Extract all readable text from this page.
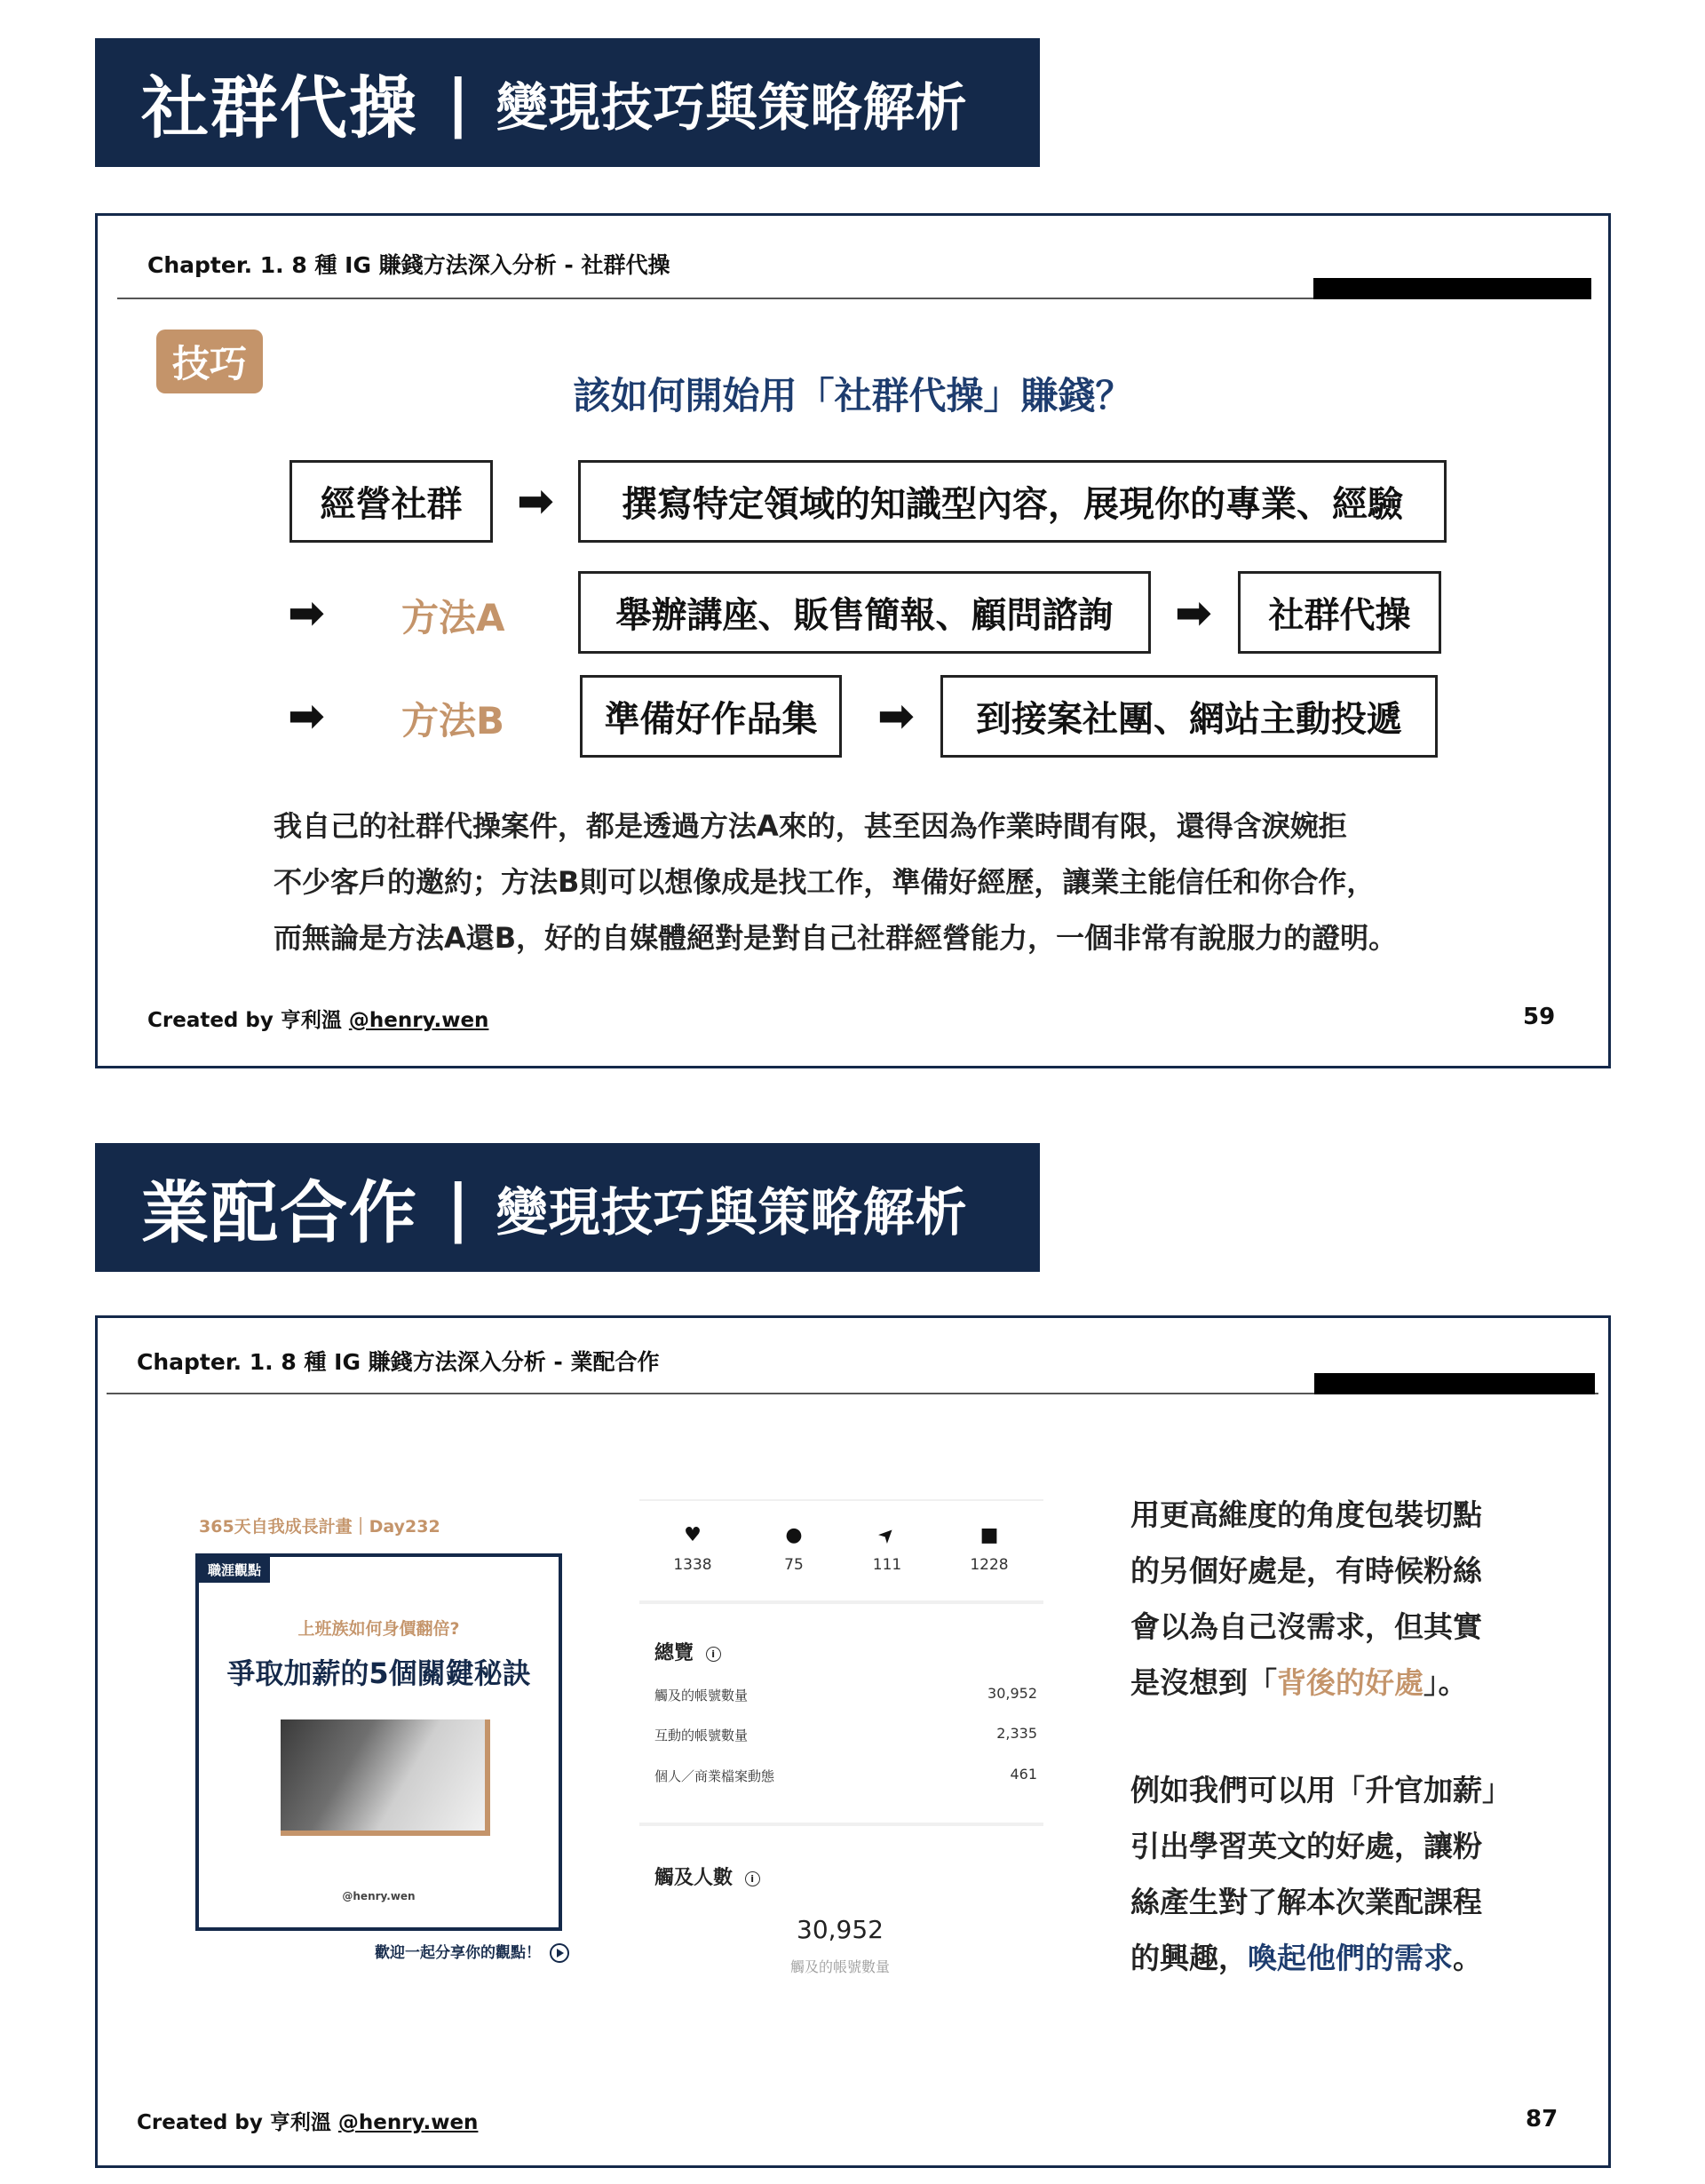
社群代操 | 變現技巧與策略解析
Chapter. 1. 8 種 IG 賺錢方法深入分析 - 社群代操
技巧
該如何開始用「社群代操」賺錢？
經營社群	➡	撰寫特定領域的知識型內容，展現你的專業、經驗
➡ 方法A	舉辦講座、販售簡報、顧問諮詢	➡	社群代操
➡ 方法B	準備好作品集	➡	到接案社團、網站主動投遞
我自己的社群代操案件，都是透過方法A來的，甚至因為作業時間有限，還得含淚婉拒
不少客戶的邀約；方法B則可以想像成是找工作，準備好經歷，讓業主能信任和你合作，
而無論是方法A還B，好的自媒體絕對是對自己社群經營能力，一個非常有說服力的證明。
Created by 亨利溫 @henry.wen	59
業配合作 | 變現技巧與策略解析
Chapter. 1. 8 種 IG 賺錢方法深入分析 - 業配合作
365天自我成長計畫｜Day232
職涯觀點
上班族如何身價翻倍?
爭取加薪的5個關鍵秘訣
@henry.wen
歡迎一起分享你的觀點！
♥	●	➤	■
1338	75	111	1228
總覽 i
觸及的帳號數量	30,952
互動的帳號數量	2,335
個人／商業檔案動態	461
觸及人數 i
30,952
觸及的帳號數量
用更高維度的角度包裝切點
的另個好處是，有時候粉絲
會以為自己沒需求，但其實
是沒想到「背後的好處」。
例如我們可以用「升官加薪」
引出學習英文的好處，讓粉
絲產生對了解本次業配課程
的興趣，喚起他們的需求。
Created by 亨利溫 @henry.wen	87
